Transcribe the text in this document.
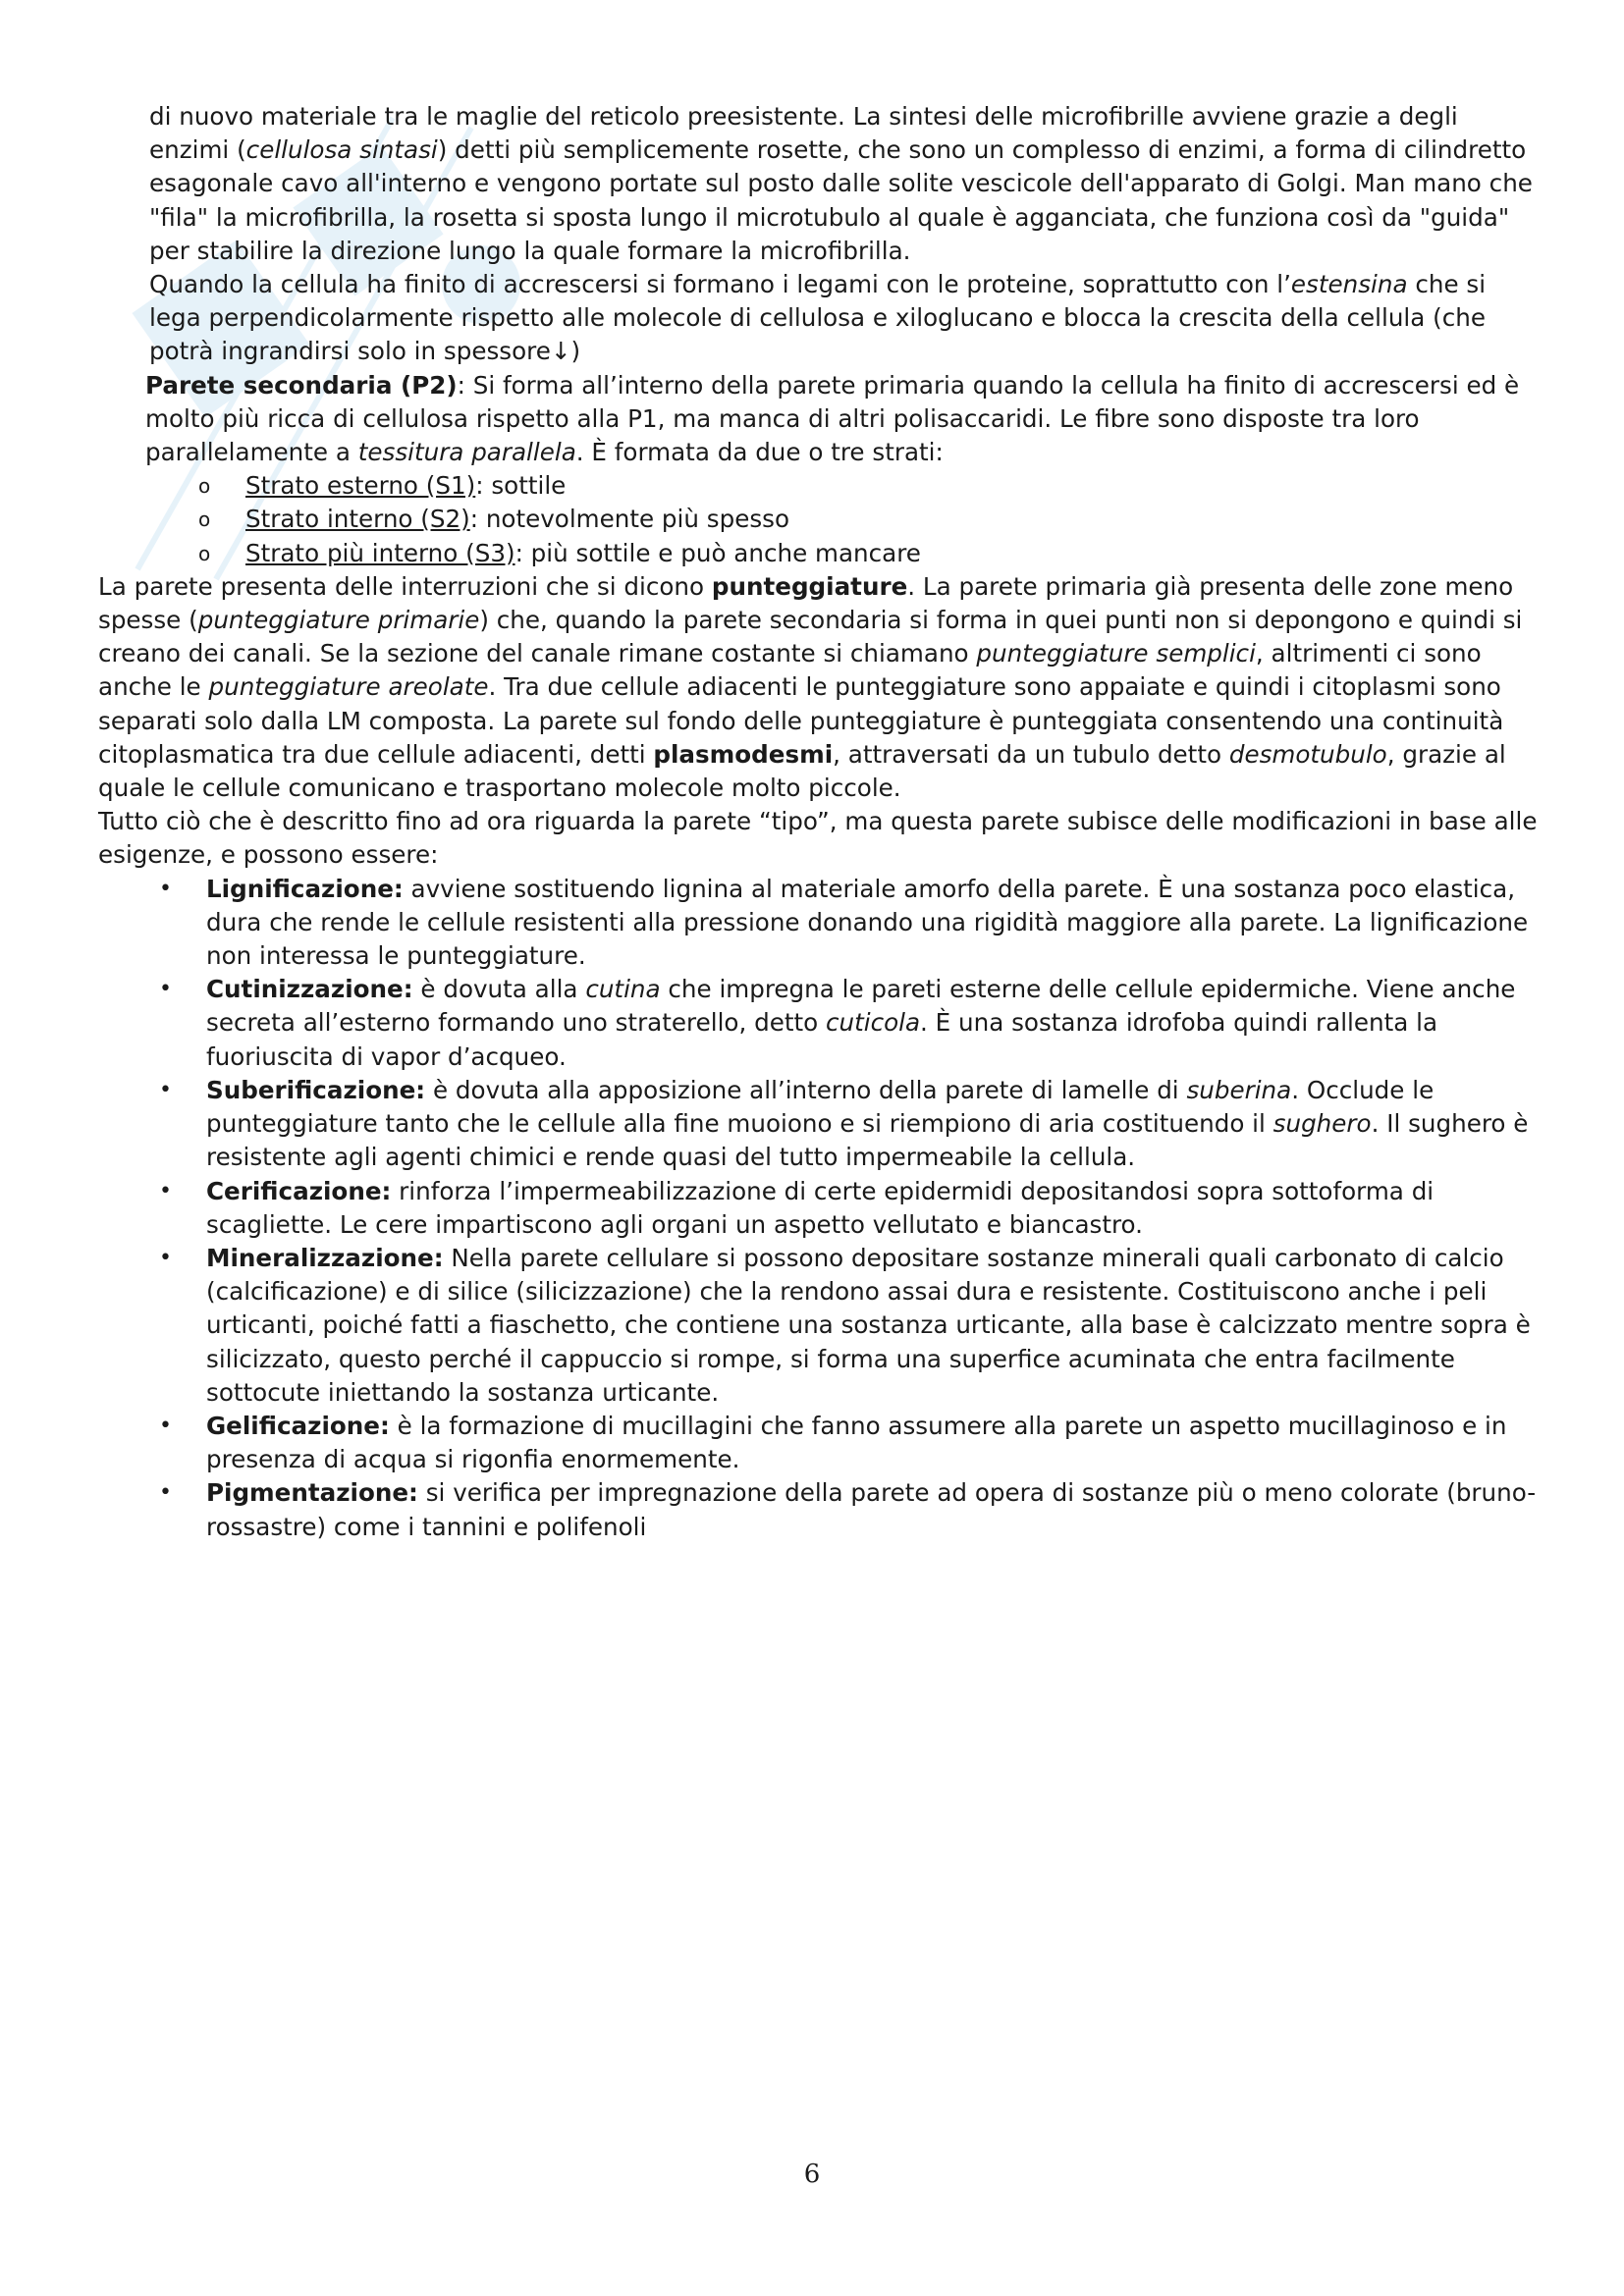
di nuovo materiale tra le maglie del reticolo preesistente. La sintesi delle microfibrille avviene grazie a degli enzimi (cellulosa sintasi) detti più semplicemente rosette, che sono un complesso di enzimi, a forma di cilindretto esagonale cavo all'interno e vengono portate sul posto dalle solite vescicole dell'apparato di Golgi. Man mano che "fila" la microfibrilla, la rosetta si sposta lungo il microtubulo al quale è agganciata, che funziona così da "guida" per stabilire la direzione lungo la quale formare la microfibrilla.

Quando la cellula ha finito di accrescersi si formano i legami con le proteine, soprattutto con l’estensina che si lega perpendicolarmente rispetto alle molecole di cellulosa e xiloglucano e blocca la crescita della cellula (che potrà ingrandirsi solo in spessore↓)

Parete secondaria (P2): Si forma all’interno della parete primaria quando la cellula ha finito di accrescersi ed è molto più ricca di cellulosa rispetto alla P1, ma manca di altri polisaccaridi. Le fibre sono disposte tra loro parallelamente a tessitura parallela. È formata da due o tre strati:

o Strato esterno (S1): sottile
o Strato interno (S2): notevolmente più spesso
o Strato più interno (S3): più sottile e può anche mancare

La parete presenta delle interruzioni che si dicono punteggiature. La parete primaria già presenta delle zone meno spesse (punteggiature primarie) che, quando la parete secondaria si forma in quei punti non si depongono e quindi si creano dei canali. Se la sezione del canale rimane costante si chiamano punteggiature semplici, altrimenti ci sono anche le punteggiature areolate. Tra due cellule adiacenti le punteggiature sono appaiate e quindi i citoplasmi sono separati solo dalla LM composta. La parete sul fondo delle punteggiature è punteggiata consentendo una continuità citoplasmatica tra due cellule adiacenti, detti plasmodesmi, attraversati da un tubulo detto desmotubulo, grazie al quale le cellule comunicano e trasportano molecole molto piccole.

Tutto ciò che è descritto fino ad ora riguarda la parete “tipo”, ma questa parete subisce delle modificazioni in base alle esigenze, e possono essere:

• Lignificazione: avviene sostituendo lignina al materiale amorfo della parete. È una sostanza poco elastica, dura che rende le cellule resistenti alla pressione donando una rigidità maggiore alla parete. La lignificazione non interessa le punteggiature.
• Cutinizzazione: è dovuta alla cutina che impregna le pareti esterne delle cellule epidermiche. Viene anche secreta all’esterno formando uno straterello, detto cuticola. È una sostanza idrofoba quindi rallenta la fuoriuscita di vapor d’acqueo.
• Suberificazione: è dovuta alla apposizione all’interno della parete di lamelle di suberina. Occlude le punteggiature tanto che le cellule alla fine muoiono e si riempiono di aria costituendo il sughero. Il sughero è resistente agli agenti chimici e rende quasi del tutto impermeabile la cellula.
• Cerificazione: rinforza l’impermeabilizzazione di certe epidermidi depositandosi sopra sottoforma di scagliette. Le cere impartiscono agli organi un aspetto vellutato e biancastro.
• Mineralizzazione: Nella parete cellulare si possono depositare sostanze minerali quali carbonato di calcio (calcificazione) e di silice (silicizzazione) che la rendono assai dura e resistente. Costituiscono anche i peli urticanti, poiché fatti a fiaschetto, che contiene una sostanza urticante, alla base è calcizzato mentre sopra è silicizzato, questo perché il cappuccio si rompe, si forma una superfice acuminata che entra facilmente sottocute iniettando la sostanza urticante.
• Gelificazione: è la formazione di mucillagini che fanno assumere alla parete un aspetto mucillaginoso e in presenza di acqua si rigonfia enormemente.
• Pigmentazione: si verifica per impregnazione della parete ad opera di sostanze più o meno colorate (bruno-rossastre) come i tannini e polifenoli
6
